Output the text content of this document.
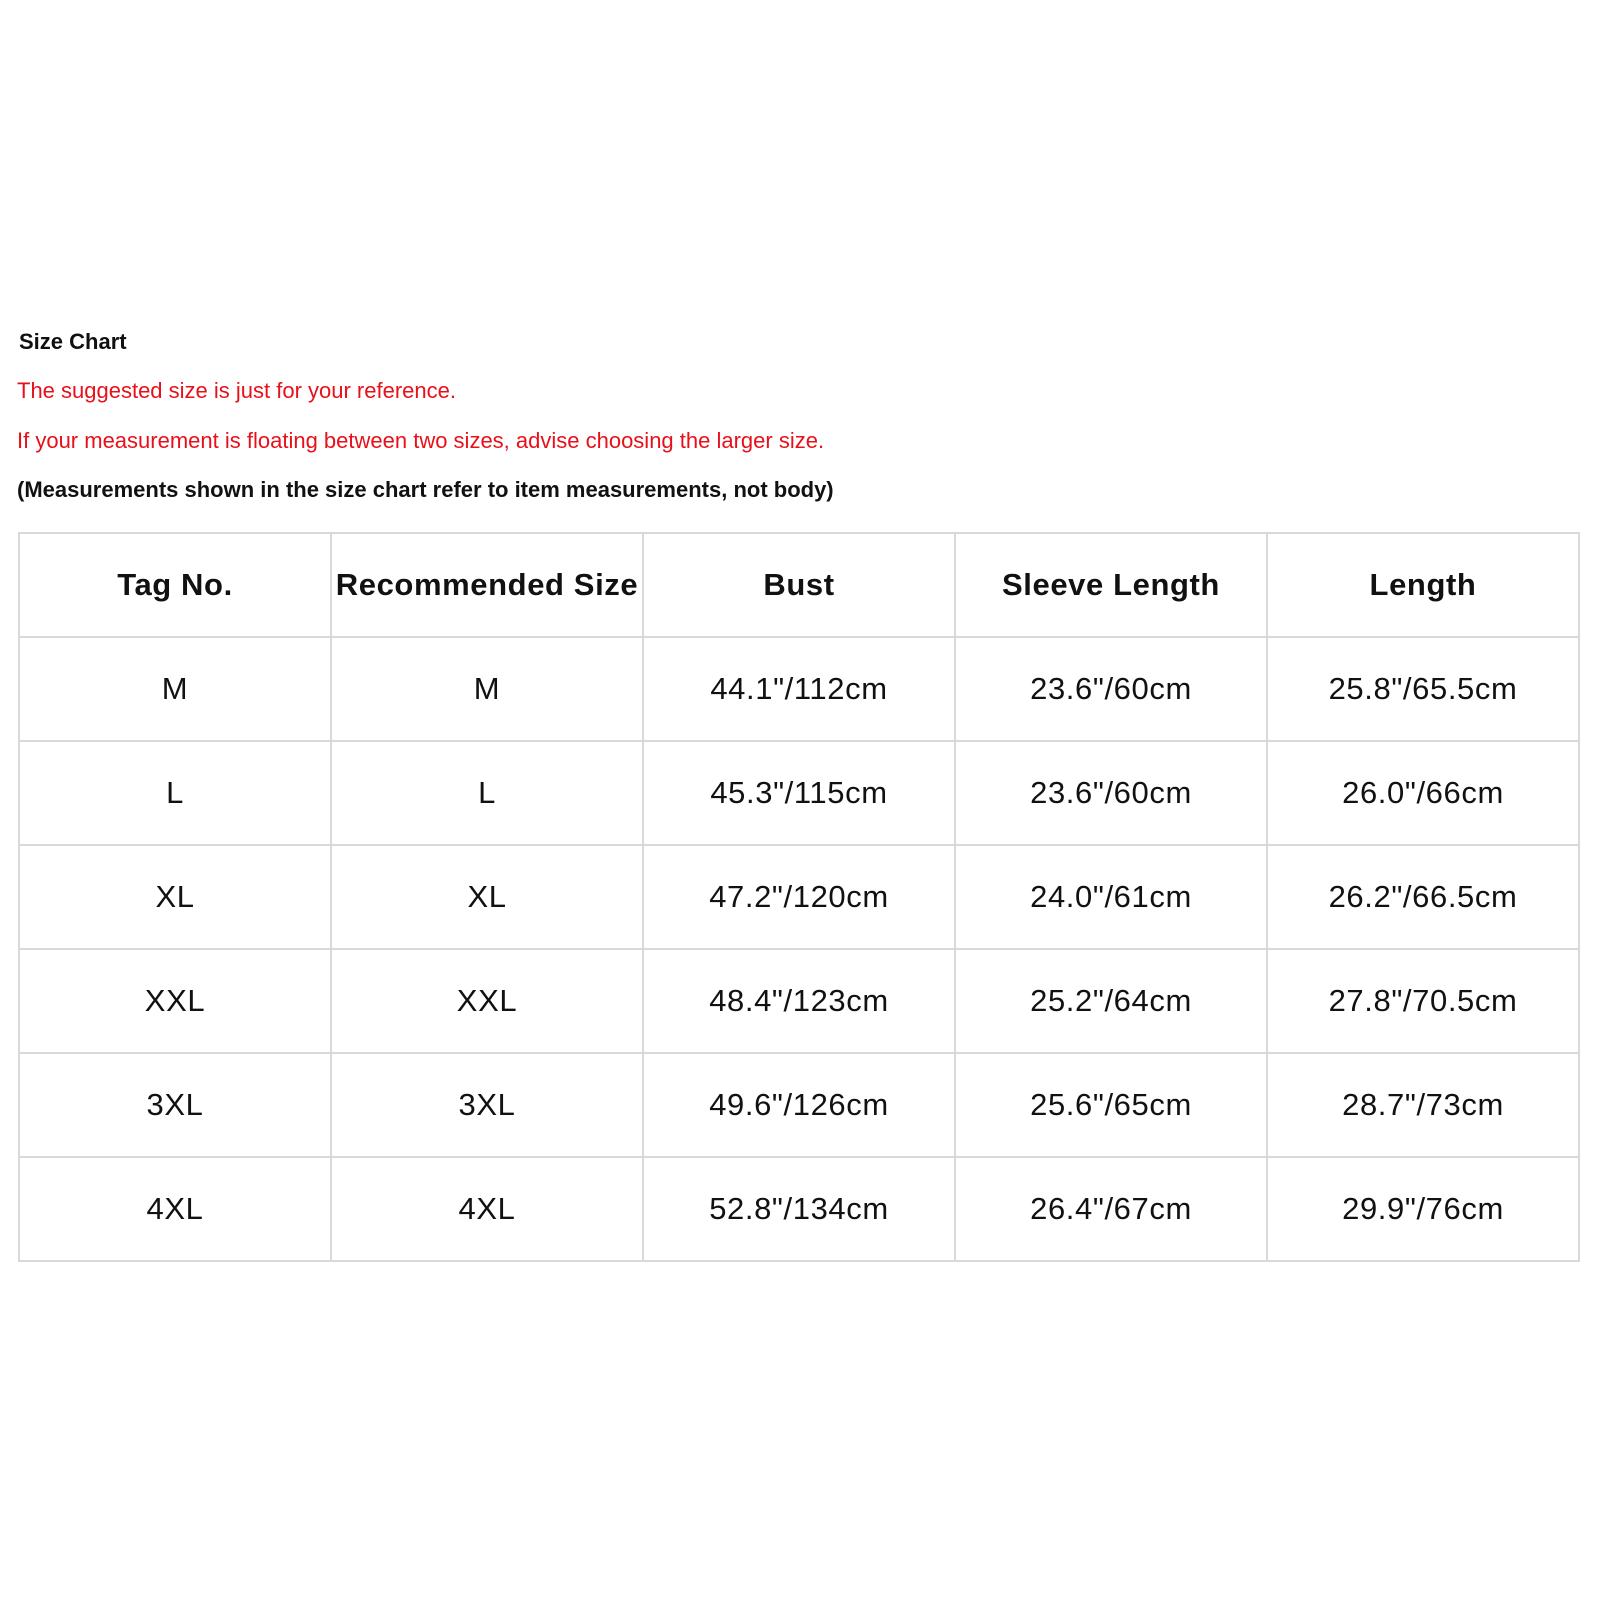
Size Chart
The suggested size is just for your reference.
If your measurement is floating between two sizes, advise choosing the larger size.
(Measurements shown in the size chart refer to item measurements, not body)
Tag No.	Recommended Size	Bust	Sleeve Length	Length
M	M	44.1"/112cm	23.6"/60cm	25.8"/65.5cm
L	L	45.3"/115cm	23.6"/60cm	26.0"/66cm
XL	XL	47.2"/120cm	24.0"/61cm	26.2"/66.5cm
XXL	XXL	48.4"/123cm	25.2"/64cm	27.8"/70.5cm
3XL	3XL	49.6"/126cm	25.6"/65cm	28.7"/73cm
4XL	4XL	52.8"/134cm	26.4"/67cm	29.9"/76cm
